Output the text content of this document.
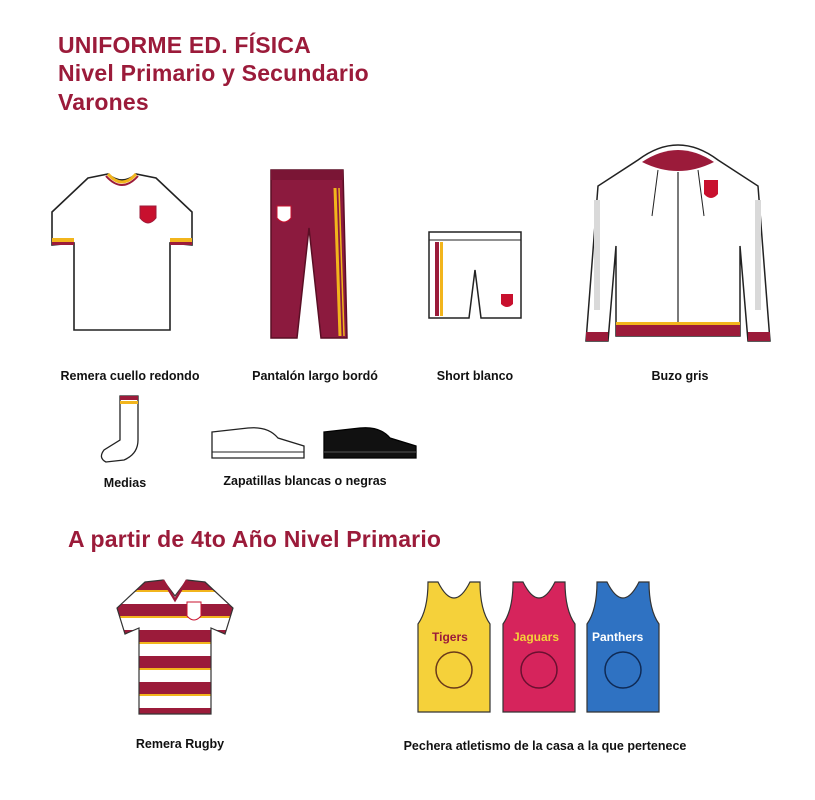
UNIFORME ED. FÍSICA
Nivel Primario y Secundario
Varones
Remera cuello redondo	Pantalón largo bordó	Short blanco	Buzo gris
Medias	Zapatillas blancas o negras
A partir de 4to Año Nivel Primario
Remera Rugby
Tigers	Jaguars	Panthers
Pechera atletismo de la casa a la que pertenece
